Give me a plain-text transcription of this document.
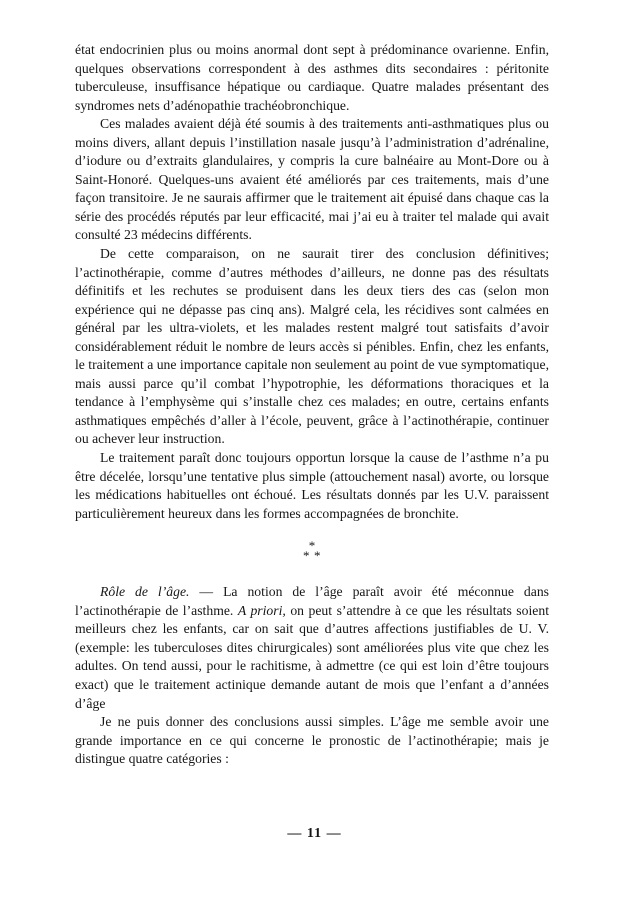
état endocrinien plus ou moins anormal dont sept à prédominance ovarienne. Enfin, quelques observations correspondent à des asthmes dits secondaires : péritonite tuberculeuse, insuffisance hépatique ou cardiaque. Quatre malades présentant des syndromes nets d’adénopathie trachéobronchique.

Ces malades avaient déjà été soumis à des traitements anti-asthmatiques plus ou moins divers, allant depuis l’instillation nasale jusqu’à l’administration d’adrénaline, d’iodure ou d’extraits glandulaires, y compris la cure balnéaire au Mont-Dore ou à Saint-Honoré. Quelques-uns avaient été améliorés par ces traitements, mais d’une façon transitoire. Je ne saurais affirmer que le traitement ait épuisé dans chaque cas la série des procédés réputés par leur efficacité, mai j’ai eu à traiter tel malade qui avait consulté 23 médecins différents.

De cette comparaison, on ne saurait tirer des conclusion définitives; l’actinothérapie, comme d’autres méthodes d’ailleurs, ne donne pas des résultats définitifs et les rechutes se produisent dans les deux tiers des cas (selon mon expérience qui ne dépasse pas cinq ans). Malgré cela, les récidives sont calmées en général par les ultra-violets, et les malades restent malgré tout satisfaits d’avoir considérablement réduit le nombre de leurs accès si pénibles. Enfin, chez les enfants, le traitement a une importance capitale non seulement au point de vue symptomatique, mais aussi parce qu’il combat l’hypotrophie, les déformations thoraciques et la tendance à l’emphysème qui s’installe chez ces malades; en outre, certains enfants asthmatiques empêchés d’aller à l’école, peuvent, grâce à l’actinothérapie, continuer ou achever leur instruction.

Le traitement paraît donc toujours opportun lorsque la cause de l’asthme n’a pu être décelée, lorsqu’une tentative plus simple (attouchement nasal) avorte, ou lorsque les médications habituelles ont échoué. Les résultats donnés par les U.V. paraissent particulièrement heureux dans les formes accompagnées de bronchite.

*
* *

Rôle de l’âge. — La notion de l’âge paraît avoir été méconnue dans l’actinothérapie de l’asthme. A priori, on peut s’attendre à ce que les résultats soient meilleurs chez les enfants, car on sait que d’autres affections justifiables de U. V. (exemple: les tuberculoses dites chirurgicales) sont améliorées plus vite que chez les adultes. On tend aussi, pour le rachitisme, à admettre (ce qui est loin d’être toujours exact) que le traitement actinique demande autant de mois que l’enfant a d’années d’âge

Je ne puis donner des conclusions aussi simples. L’âge me semble avoir une grande importance en ce qui concerne le pronostic de l’actinothérapie; mais je distingue quatre catégories :

— 11 —
